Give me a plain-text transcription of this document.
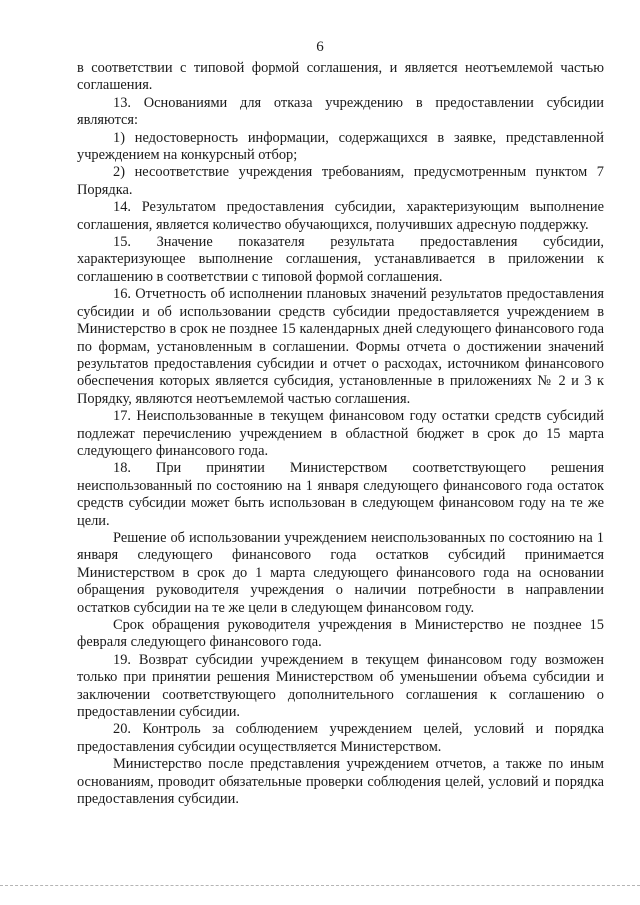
6

в соответствии с типовой формой соглашения, и является неотъемлемой частью соглашения.

13. Основаниями для отказа учреждению в предоставлении субсидии являются:

1) недостоверность информации, содержащихся в заявке, представленной учреждением на конкурсный отбор;

2) несоответствие учреждения требованиям, предусмотренным пунктом 7 Порядка.

14. Результатом предоставления субсидии, характеризующим выполнение соглашения, является количество обучающихся, получивших адресную поддержку.

15. Значение показателя результата предоставления субсидии, характеризующее выполнение соглашения, устанавливается в приложении к соглашению в соответствии с типовой формой соглашения.

16. Отчетность об исполнении плановых значений результатов предоставления субсидии и об использовании средств субсидии предоставляется учреждением в Министерство в срок не позднее 15 календарных дней следующего финансового года по формам, установленным в соглашении. Формы отчета о достижении значений результатов предоставления субсидии и отчет о расходах, источником финансового обеспечения которых является субсидия, установленные в приложениях № 2 и 3 к Порядку, являются неотъемлемой частью соглашения.

17. Неиспользованные в текущем финансовом году остатки средств субсидий подлежат перечислению учреждением в областной бюджет в срок до 15 марта следующего финансового года.

18. При принятии Министерством соответствующего решения неиспользованный по состоянию на 1 января следующего финансового года остаток средств субсидии может быть использован в следующем финансовом году на те же цели.

Решение об использовании учреждением неиспользованных по состоянию на 1 января следующего финансового года остатков субсидий принимается Министерством в срок до 1 марта следующего финансового года на основании обращения руководителя учреждения о наличии потребности в направлении остатков субсидии на те же цели в следующем финансовом году.

Срок обращения руководителя учреждения в Министерство не позднее 15 февраля следующего финансового года.

19. Возврат субсидии учреждением в текущем финансовом году возможен только при принятии решения Министерством об уменьшении объема субсидии и заключении соответствующего дополнительного соглашения к соглашению о предоставлении субсидии.

20. Контроль за соблюдением учреждением целей, условий и порядка предоставления субсидии осуществляется Министерством.

Министерство после представления учреждением отчетов, а также по иным основаниям, проводит обязательные проверки соблюдения целей, условий и порядка предоставления субсидии.
